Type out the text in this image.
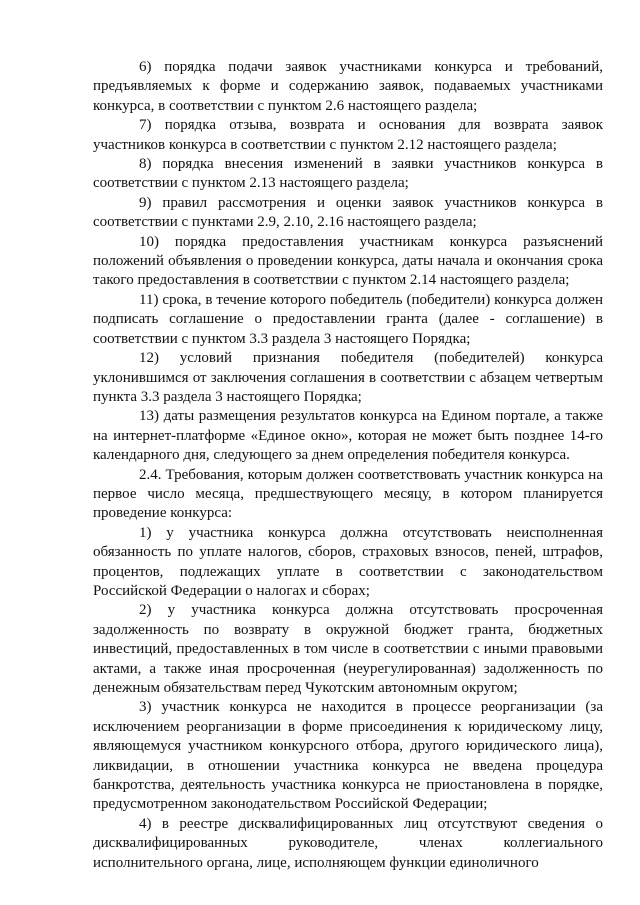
6) порядка подачи заявок участниками конкурса и требований, предъявляемых к форме и содержанию заявок, подаваемых участниками конкурса, в соответствии с пунктом 2.6 настоящего раздела;

7) порядка отзыва, возврата и основания для возврата заявок участников конкурса в соответствии с пунктом 2.12 настоящего раздела;

8) порядка внесения изменений в заявки участников конкурса в соответствии с пунктом 2.13 настоящего раздела;

9) правил рассмотрения и оценки заявок участников конкурса в соответствии с пунктами 2.9, 2.10, 2.16 настоящего раздела;

10) порядка предоставления участникам конкурса разъяснений положений объявления о проведении конкурса, даты начала и окончания срока такого предоставления в соответствии с пунктом 2.14 настоящего раздела;

11) срока, в течение которого победитель (победители) конкурса должен подписать соглашение о предоставлении гранта (далее - соглашение) в соответствии с пунктом 3.3 раздела 3 настоящего Порядка;

12) условий признания победителя (победителей) конкурса уклонившимся от заключения соглашения в соответствии с абзацем четвертым пункта 3.3 раздела 3 настоящего Порядка;

13) даты размещения результатов конкурса на Едином портале, а также на интернет-платформе «Единое окно», которая не может быть позднее 14-го календарного дня, следующего за днем определения победителя конкурса.

2.4. Требования, которым должен соответствовать участник конкурса на первое число месяца, предшествующего месяцу, в котором планируется проведение конкурса:

1) у участника конкурса должна отсутствовать неисполненная обязанность по уплате налогов, сборов, страховых взносов, пеней, штрафов, процентов, подлежащих уплате в соответствии с законодательством Российской Федерации о налогах и сборах;

2) у участника конкурса должна отсутствовать просроченная задолженность по возврату в окружной бюджет гранта, бюджетных инвестиций, предоставленных в том числе в соответствии с иными правовыми актами, а также иная просроченная (неурегулированная) задолженность по денежным обязательствам перед Чукотским автономным округом;

3) участник конкурса не находится в процессе реорганизации (за исключением реорганизации в форме присоединения к юридическому лицу, являющемуся участником конкурсного отбора, другого юридического лица), ликвидации, в отношении участника конкурса не введена процедура банкротства, деятельность участника конкурса не приостановлена в порядке, предусмотренном законодательством Российской Федерации;

4) в реестре дисквалифицированных лиц отсутствуют сведения о дисквалифицированных руководителе, членах коллегиального исполнительного органа, лице, исполняющем функции единоличного
